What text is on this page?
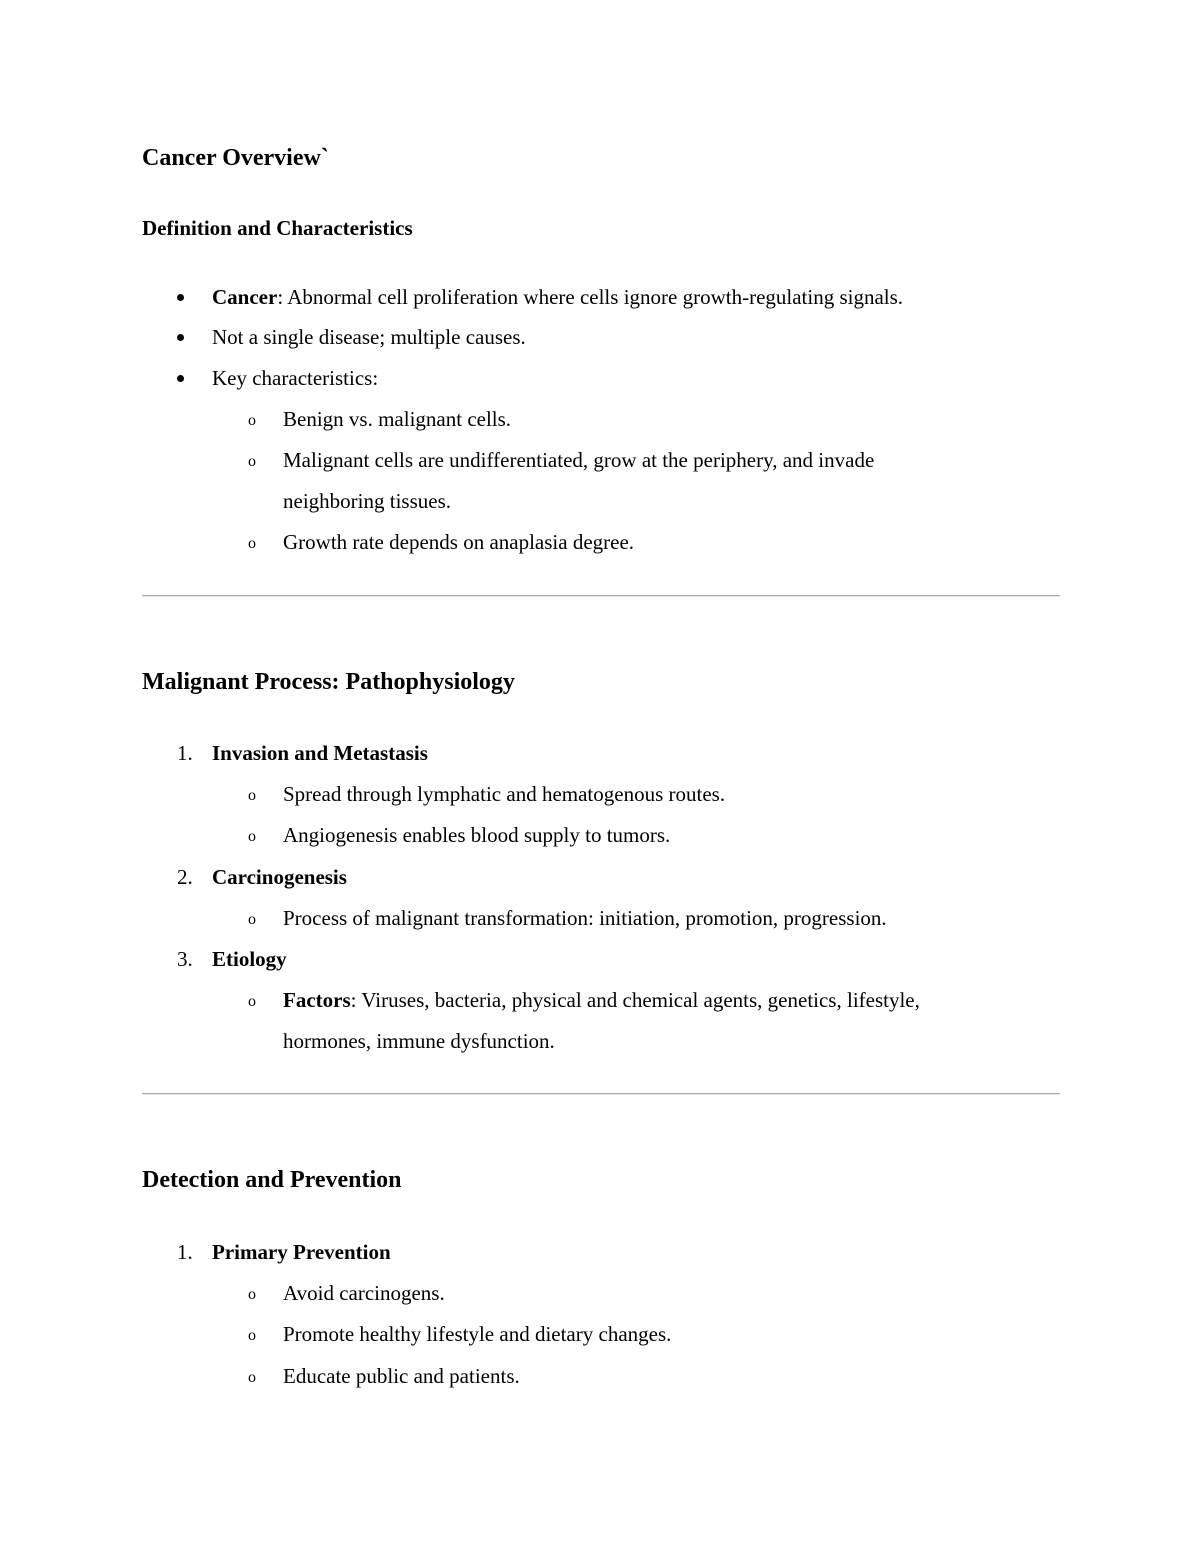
Cancer Overview`
Definition and Characteristics
Cancer: Abnormal cell proliferation where cells ignore growth-regulating signals.
Not a single disease; multiple causes.
Key characteristics:
o Benign vs. malignant cells.
o Malignant cells are undifferentiated, grow at the periphery, and invade
neighboring tissues.
o Growth rate depends on anaplasia degree.
Malignant Process: Pathophysiology
1. Invasion and Metastasis
o Spread through lymphatic and hematogenous routes.
o Angiogenesis enables blood supply to tumors.
2. Carcinogenesis
o Process of malignant transformation: initiation, promotion, progression.
3. Etiology
o Factors: Viruses, bacteria, physical and chemical agents, genetics, lifestyle,
hormones, immune dysfunction.
Detection and Prevention
1. Primary Prevention
o Avoid carcinogens.
o Promote healthy lifestyle and dietary changes.
o Educate public and patients.
